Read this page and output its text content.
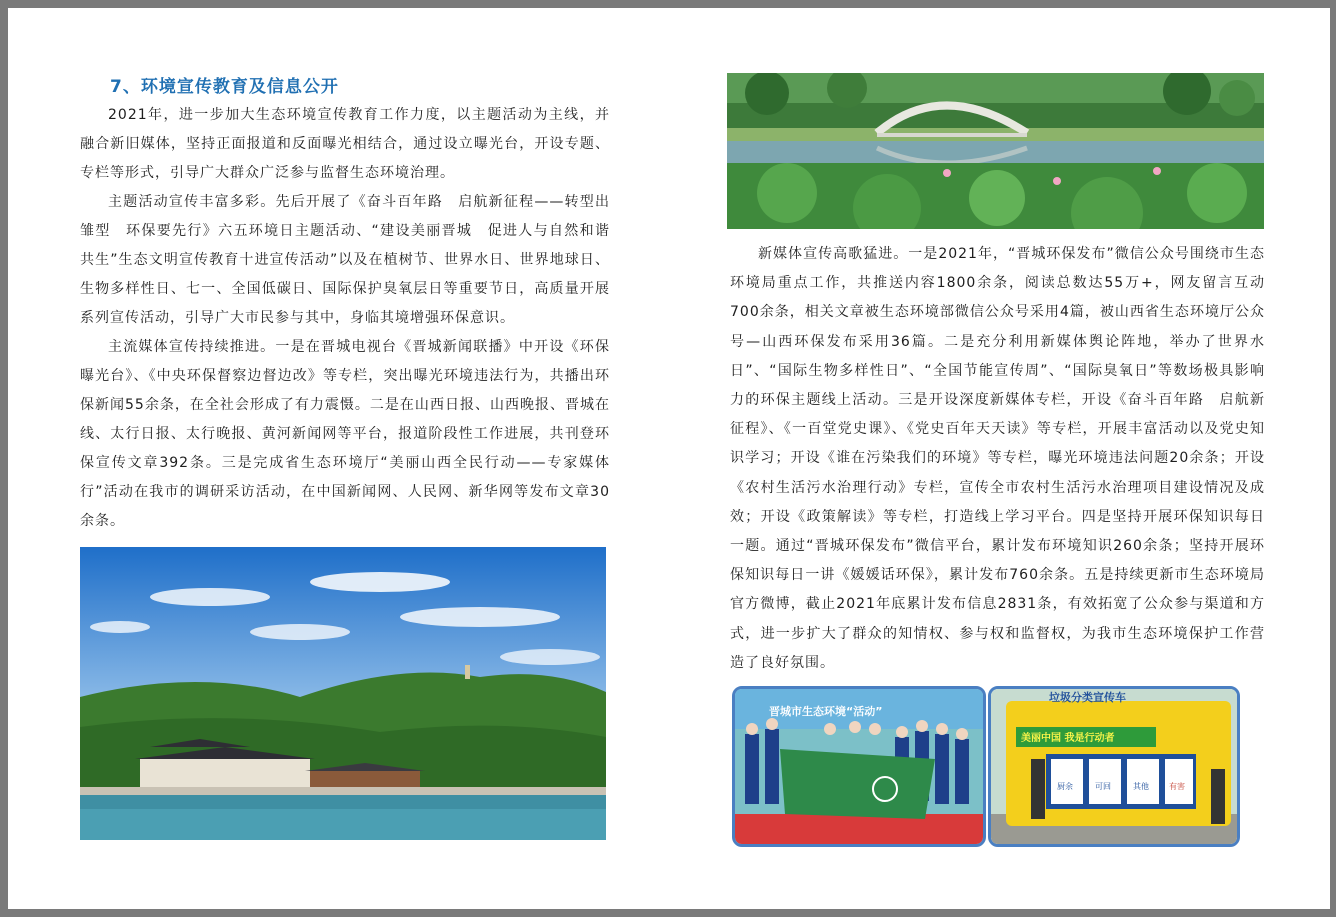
7、环境宣传教育及信息公开

2021年，进一步加大生态环境宣传教育工作力度，以主题活动为主线，并融合新旧媒体，坚持正面报道和反面曝光相结合，通过设立曝光台，开设专题、专栏等形式，引导广大群众广泛参与监督生态环境治理。

主题活动宣传丰富多彩。先后开展了《奋斗百年路　启航新征程——转型出雏型　环保要先行》六五环境日主题活动、“建设美丽晋城　促进人与自然和谐共生”生态文明宣传教育十进宣传活动”以及在植树节、世界水日、世界地球日、生物多样性日、七一、全国低碳日、国际保护臭氧层日等重要节日，高质量开展系列宣传活动，引导广大市民参与其中，身临其境增强环保意识。

主流媒体宣传持续推进。一是在晋城电视台《晋城新闻联播》中开设《环保曝光台》、《中央环保督察边督边改》等专栏，突出曝光环境违法行为，共播出环保新闻55余条，在全社会形成了有力震慑。二是在山西日报、山西晚报、晋城在线、太行日报、太行晚报、黄河新闻网等平台，报道阶段性工作进展，共刊登环保宣传文章392条。三是完成省生态环境厅“美丽山西全民行动——专家媒体行”活动在我市的调研采访活动，在中国新闻网、人民网、新华网等发布文章30余条。

新媒体宣传高歌猛进。一是2021年，“晋城环保发布”微信公众号围绕市生态环境局重点工作，共推送内容1800余条，阅读总数达55万+，网友留言互动700余条，相关文章被生态环境部微信公众号采用4篇，被山西省生态环境厅公众号—山西环保发布采用36篇。二是充分利用新媒体舆论阵地，举办了世界水日”、“国际生物多样性日”、“全国节能宣传周”、“国际臭氧日”等数场极具影响力的环保主题线上活动。三是开设深度新媒体专栏，开设《奋斗百年路　启航新征程》、《一百堂党史课》、《党史百年天天读》等专栏，开展丰富活动以及党史知识学习；开设《谁在污染我们的环境》等专栏，曝光环境违法问题20余条；开设《农村生活污水治理行动》专栏，宣传全市农村生活污水治理项目建设情况及成效；开设《政策解读》等专栏，打造线上学习平台。四是坚持开展环保知识每日一题。通过“晋城环保发布”微信平台，累计发布环境知识260余条；坚持开展环保知识每日一讲《媛媛话环保》，累计发布760余条。五是持续更新市生态环境局官方微博，截止2021年底累计发布信息2831条，有效拓宽了公众参与渠道和方式，进一步扩大了群众的知情权、参与权和监督权，为我市生态环境保护工作营造了良好氛围。

晋城市生态环境“活动”
垃圾分类宣传车
美丽中国 我是行动者
厨余	可回	其他	有害
